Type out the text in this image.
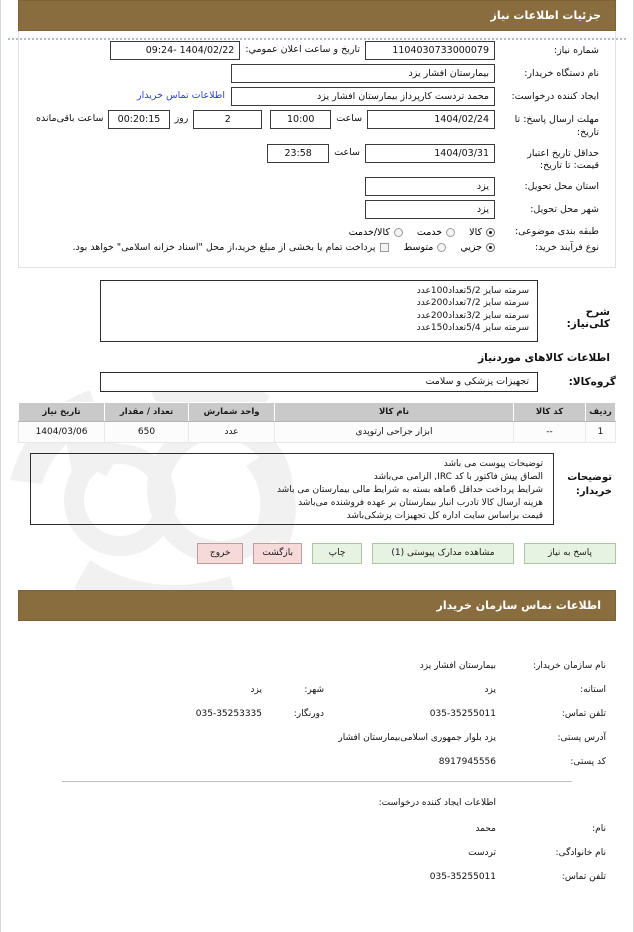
جزئیات اطلاعات نیاز
شماره نیاز:
1104030733000079
تاریخ و ساعت اعلان عمومي:
1404/02/22 -09:24
نام دستگاه خریدار:
بیمارستان افشار یزد
ایجاد کننده درخواست:
محمد تردست کارپرداز بیمارستان افشار یزد
اطلاعات تماس خریدار
مهلت ارسال پاسخ: تا تاریخ:
1404/02/24
ساعت
10:00
2
روز
00:20:15
ساعت باقی‌مانده
حداقل تاریخ اعتبار قیمت: تا تاریخ:
1404/03/31
ساعت
23:58
استان محل تحویل:
یزد
شهر محل تحویل:
یزد
طبقه بندی موضوعی:
کالا
خدمت
کالا/خدمت
نوع فرآیند خرید:
جزیي
متوسط
پرداخت تمام یا بخشی از مبلغ خرید،از محل "اسناد خزانه اسلامی" خواهد بود.
شرح کلی‌نیاز:
سرمته سایز 5/2تعداد100عدد
سرمته سایز 7/2تعداد200عدد
سرمته سایز 3/2تعداد200عدد
سرمته سایز 5/4تعداد150عدد
اطلاعات کالاهای موردنیاز
گروه‌کالا:
تجهیزات پزشکی و سلامت
ردیف	کد کالا	نام کالا	واحد شمارش	تعداد / مقدار	تاریخ نیاز
1	--	ابزار جراحی ارتوپدی	عدد	650	1404/03/06
توضیحات خریدار:
توضیحات پیوست می باشد
الصاق پیش فاکتور با کد IRC, الزامی می‌باشد
شرایط پرداخت حداقل 6ماهه بسته به شرایط مالی بیمارستان می باشد
هزینه ارسال کالا تادرب انبار بیمارستان بر عهده فروشنده می‌باشد
قیمت براساس سایت اداره کل تجهیزات پزشکی‌باشد
پاسخ به نیاز
مشاهده مدارک پیوستی (1)
چاپ
بازگشت
خروج
اطلاعات تماس سازمان خریدار
نام سازمان خریدار:
بیمارستان افشار یزد
استانه:
یزد
شهر:
یزد
تلفن تماس:
035-35255011
دورنگار:
035-35253335
آدرس پستی:
یزد بلوار جمهوری اسلامی‌بیمارستان افشار
کد پستی:
8917945556
اطلاعات ایجاد کننده درخواست:
نام:
محمد
نام خانوادگی:
تردست
تلفن تماس:
035-35255011
